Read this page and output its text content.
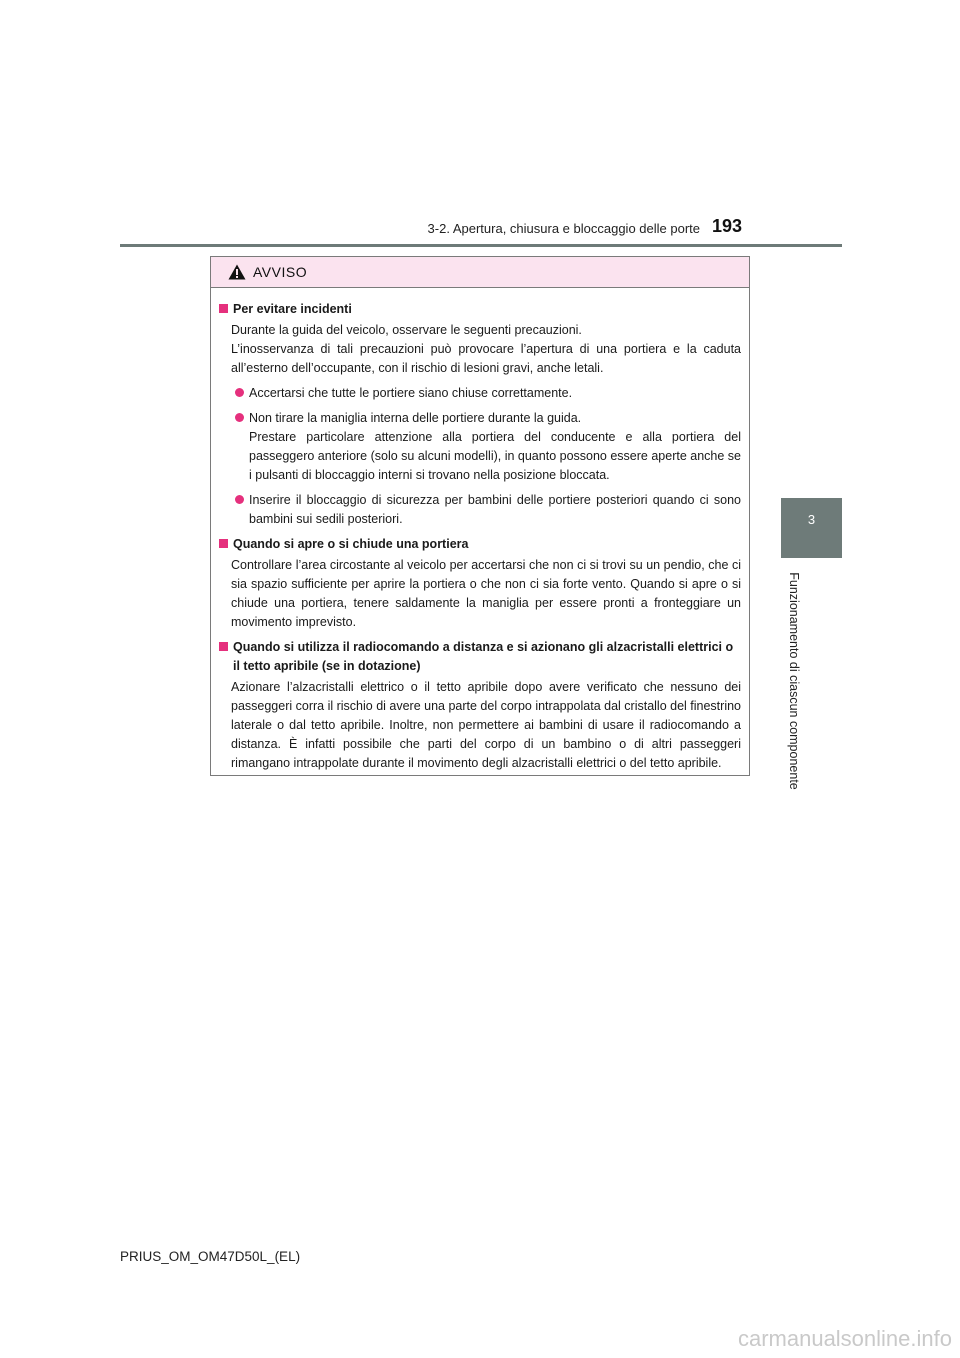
3-2. Apertura, chiusura e bloccaggio delle porte 193
3
Funzionamento di ciascun componente
AVVISO
Per evitare incidenti
Durante la guida del veicolo, osservare le seguenti precauzioni.
L’inosservanza di tali precauzioni può provocare l’apertura di una portiera e la caduta all’esterno dell’occupante, con il rischio di lesioni gravi, anche letali.
Accertarsi che tutte le portiere siano chiuse correttamente.
Non tirare la maniglia interna delle portiere durante la guida.
Prestare particolare attenzione alla portiera del conducente e alla portiera del passeggero anteriore (solo su alcuni modelli), in quanto possono essere aperte anche se i pulsanti di bloccaggio interni si trovano nella posizione bloccata.
Inserire il bloccaggio di sicurezza per bambini delle portiere posteriori quando ci sono bambini sui sedili posteriori.
Quando si apre o si chiude una portiera
Controllare l’area circostante al veicolo per accertarsi che non ci si trovi su un pendio, che ci sia spazio sufficiente per aprire la portiera o che non ci sia forte vento. Quando si apre o si chiude una portiera, tenere saldamente la maniglia per essere pronti a fronteggiare un movimento imprevisto.
Quando si utilizza il radiocomando a distanza e si azionano gli alzacristalli elettrici o il tetto apribile (se in dotazione)
Azionare l’alzacristalli elettrico o il tetto apribile dopo avere verificato che nessuno dei passeggeri corra il rischio di avere una parte del corpo intrappolata dal cristallo del finestrino laterale o dal tetto apribile. Inoltre, non permettere ai bambini di usare il radiocomando a distanza. È infatti possibile che parti del corpo di un bambino o di altri passeggeri rimangano intrappolate durante il movimento degli alzacristalli elettrici o del tetto apribile.
PRIUS_OM_OM47D50L_(EL)
carmanualsonline.info
